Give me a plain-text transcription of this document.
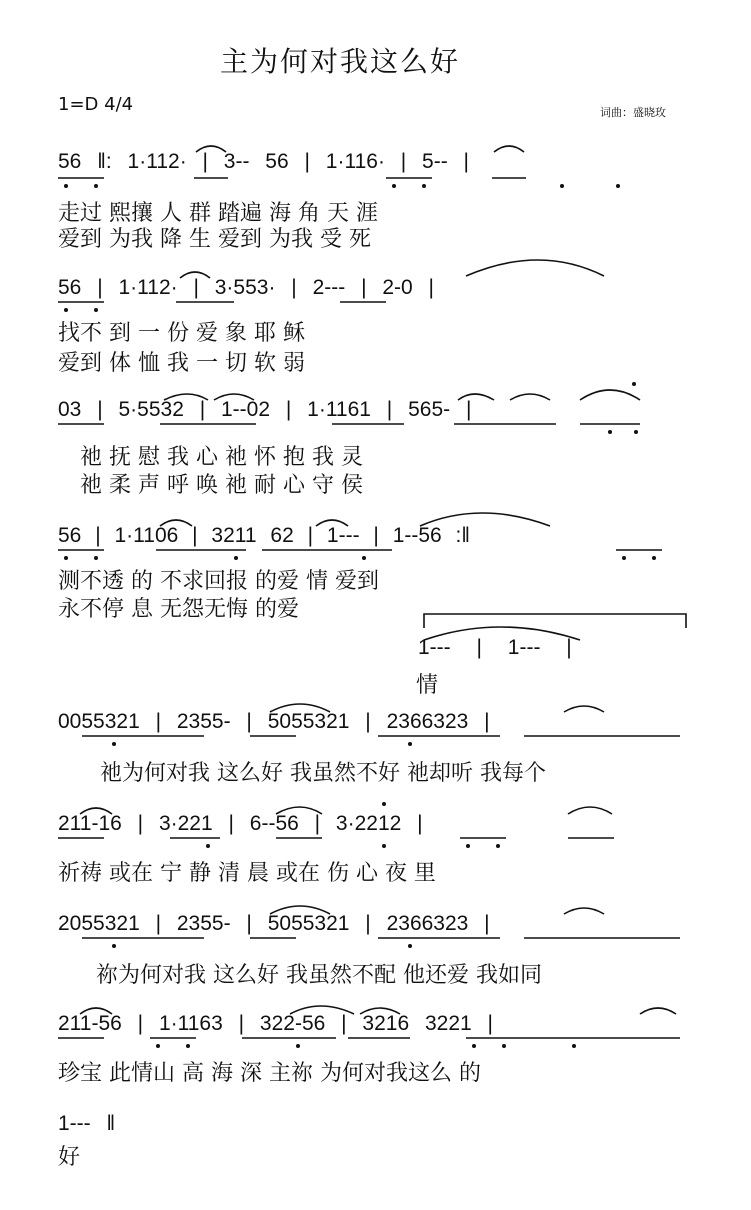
主为何对我这么好
1=D 4/4	词曲：盛晓玫
56 ‖: 1·112· | 3-- 56 | 1·116· | 5-- |
走过 熙攘 人 群 踏遍 海 角 天 涯
爱到 为我 降 生 爱到 为我 受 死
56 | 1·112· | 3·553· | 2--- | 2-0 |
找不 到 一 份 爱 象 耶 稣
爱到 体 恤 我 一 切 软 弱
03 | 5·5532 | 1--02 | 1·1161 | 565- |
祂 抚 慰 我 心 祂 怀 抱 我 灵
祂 柔 声 呼 唤 祂 耐 心 守 侯
56 | 1·1106 | 3211 62 | 1--- | 1--56 :‖
测不透 的 不求回报 的爱 情 爱到
永不停 息 无怨无悔 的爱
1--- | 1--- |
情
0055321 | 2355- | 5055321 | 2366323 |
祂为何对我 这么好 我虽然不好 祂却听 我每个
211-16 | 3·221 | 6--56 | 3·2212 |
祈祷 或在 宁 静 清 晨 或在 伤 心 夜 里
2055321 | 2355- | 5055321 | 2366323 |
祢为何对我 这么好 我虽然不配 他还爱 我如同
211-56 | 1·1163 | 322-56 | 3216 3221 |
珍宝 此情山 高 海 深 主祢 为何对我这么 的
1--- ‖
好
